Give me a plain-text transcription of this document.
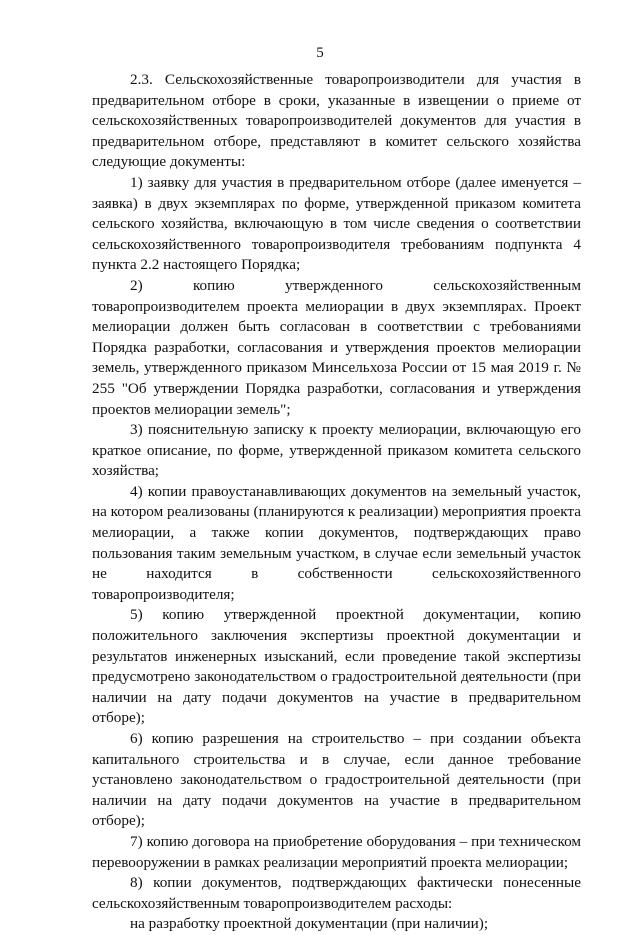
5

2.3. Сельскохозяйственные товаропроизводители для участия в предварительном отборе в сроки, указанные в извещении о приеме от сельскохозяйственных товаропроизводителей документов для участия в предварительном отборе, представляют в комитет сельского хозяйства следующие документы:

1) заявку для участия в предварительном отборе (далее именуется – заявка) в двух экземплярах по форме, утвержденной приказом комитета сельского хозяйства, включающую в том числе сведения о соответствии сельскохозяйственного товаропроизводителя требованиям подпункта 4 пункта 2.2 настоящего Порядка;

2) копию утвержденного сельскохозяйственным товаропроизводителем проекта мелиорации в двух экземплярах. Проект мелиорации должен быть согласован в соответствии с требованиями Порядка разработки, согласования и утверждения проектов мелиорации земель, утвержденного приказом Минсельхоза России от 15 мая 2019 г. № 255 "Об утверждении Порядка разработки, согласования и утверждения проектов мелиорации земель";

3) пояснительную записку к проекту мелиорации, включающую его краткое описание, по форме, утвержденной приказом комитета сельского хозяйства;

4) копии правоустанавливающих документов на земельный участок, на котором реализованы (планируются к реализации) мероприятия проекта мелиорации, а также копии документов, подтверждающих право пользования таким земельным участком, в случае если земельный участок не находится в собственности сельскохозяйственного товаропроизводителя;

5) копию утвержденной проектной документации, копию положительного заключения экспертизы проектной документации и результатов инженерных изысканий, если проведение такой экспертизы предусмотрено законодательством о градостроительной деятельности (при наличии на дату подачи документов на участие в предварительном отборе);

6) копию разрешения на строительство – при создании объекта капитального строительства и в случае, если данное требование установлено законодательством о градостроительной деятельности (при наличии на дату подачи документов на участие в предварительном отборе);

7) копию договора на приобретение оборудования – при техническом перевооружении в рамках реализации мероприятий проекта мелиорации;

8) копии документов, подтверждающих фактически понесенные сельскохозяйственным товаропроизводителем расходы:

на разработку проектной документации (при наличии);
